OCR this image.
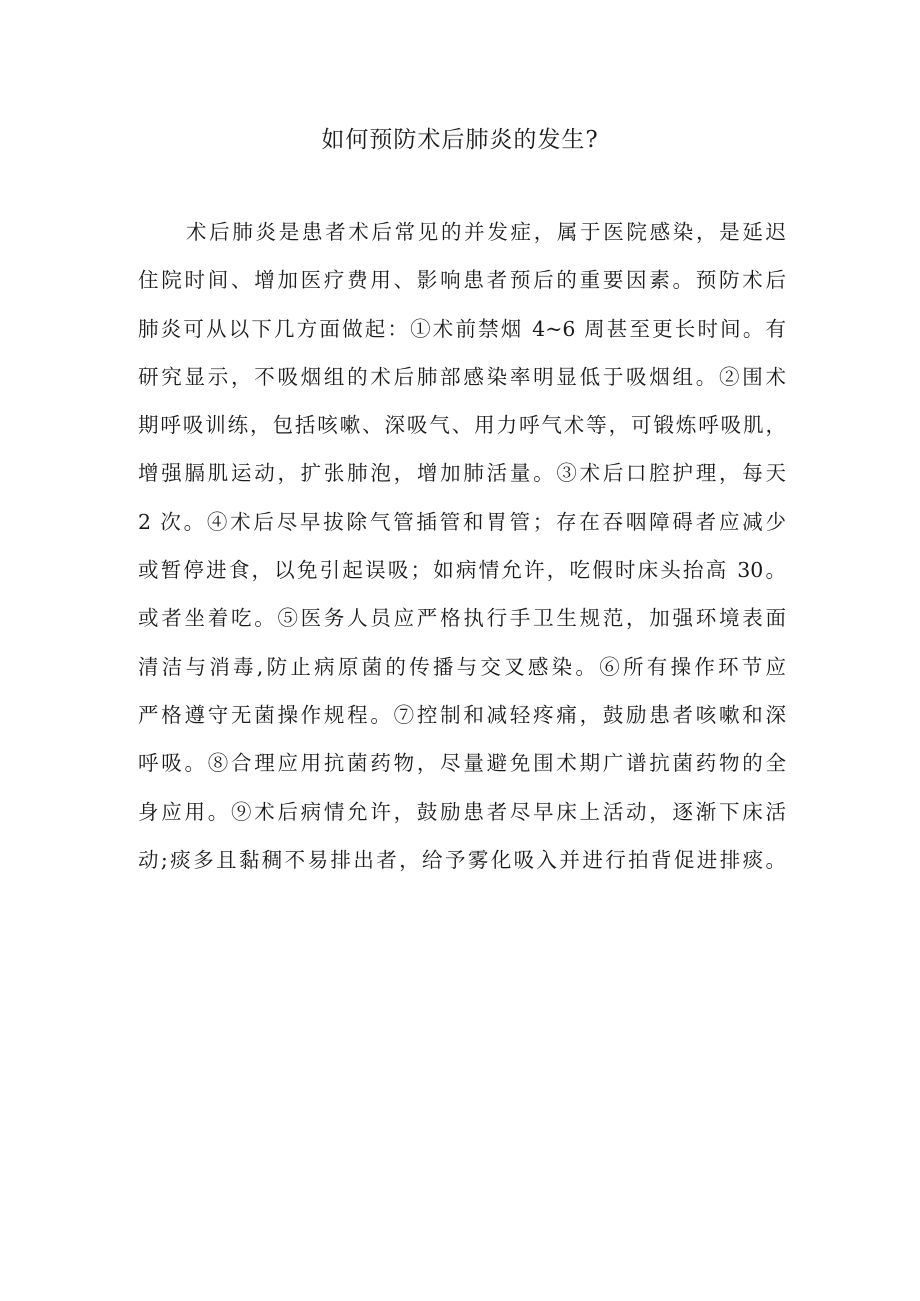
如何预防术后肺炎的发生?
术后肺炎是患者术后常见的并发症，属于医院感染，是延迟
住院时间、增加医疗费用、影响患者预后的重要因素。预防术后
肺炎可从以下几方面做起：①术前禁烟 4~6 周甚至更长时间。有
研究显示，不吸烟组的术后肺部感染率明显低于吸烟组。②围术
期呼吸训练，包括咳嗽、深吸气、用力呼气术等，可锻炼呼吸肌，
增强膈肌运动，扩张肺泡，增加肺活量。③术后口腔护理，每天
2 次。④术后尽早拔除气管插管和胃管；存在吞咽障碍者应减少
或暂停进食，以免引起误吸；如病情允许，吃假时床头抬高 30。
或者坐着吃。⑤医务人员应严格执行手卫生规范，加强环境表面
清洁与消毒,防止病原菌的传播与交叉感染。⑥所有操作环节应
严格遵守无菌操作规程。⑦控制和减轻疼痛，鼓励患者咳嗽和深
呼吸。⑧合理应用抗菌药物，尽量避免围术期广谱抗菌药物的全
身应用。⑨术后病情允许，鼓励患者尽早床上活动，逐渐下床活
动;痰多且黏稠不易排出者，给予雾化吸入并进行拍背促进排痰。
